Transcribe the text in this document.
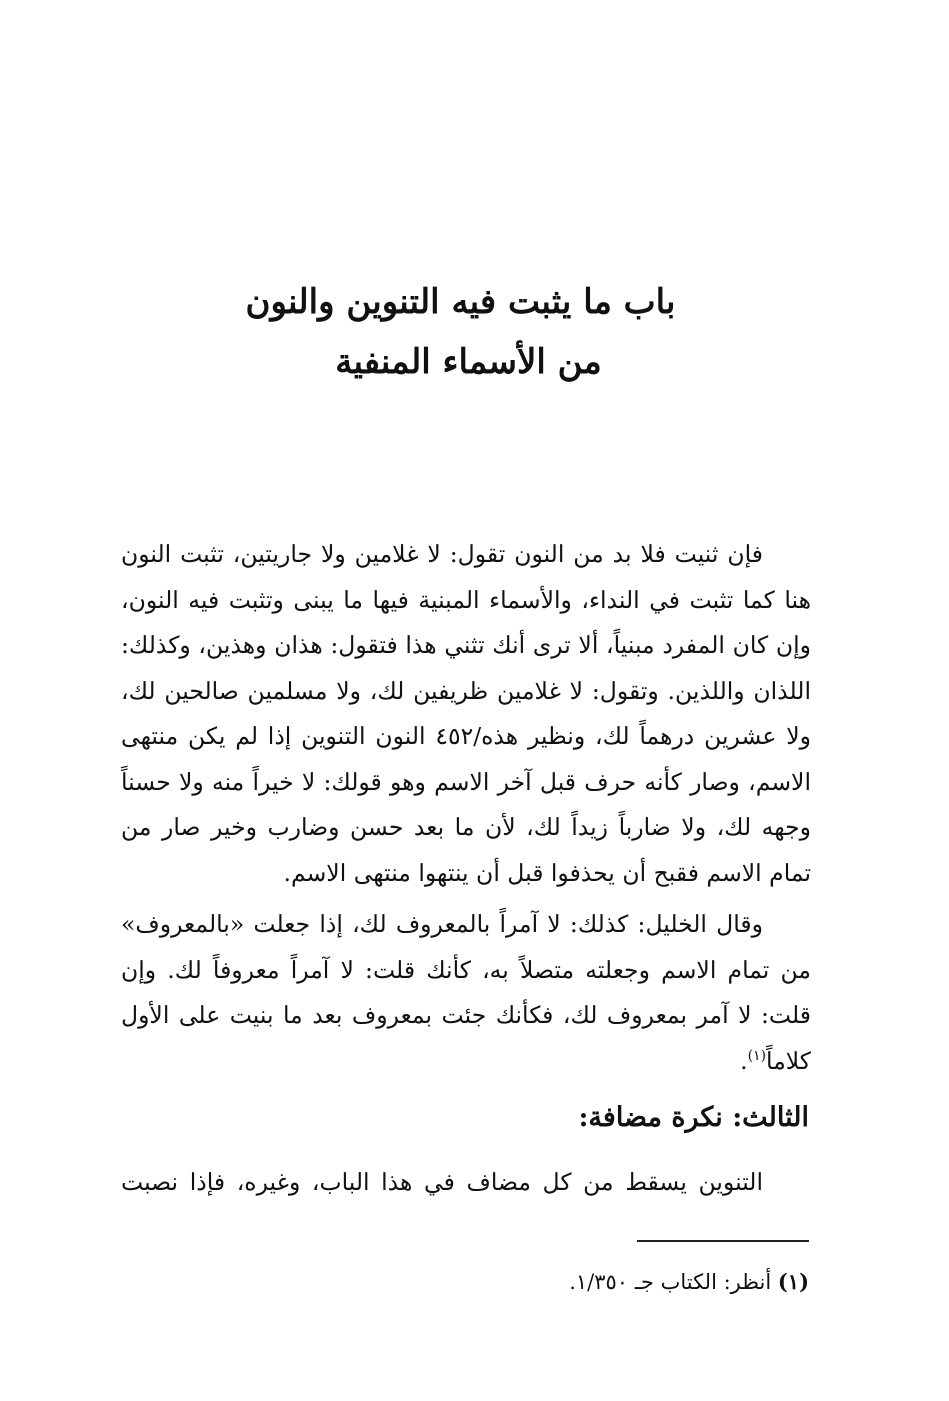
باب ما يثبت فيه التنوين والنون

من الأسماء المنفية

فإن ثنيت فلا بد من النون تقول: لا غلامين ولا جاريتين، تثبت النون هنا كما تثبت في النداء، والأسماء المبنية فيها ما يبنى وتثبت فيه النون، وإن كان المفرد مبنياً، ألا ترى أنك تثني هذا فتقول: هذان وهذين، وكذلك: اللذان واللذين. وتقول: لا غلامين ظريفين لك، ولا مسلمين صالحين لك، ولا عشرين درهماً لك، ونظير هذه/٤٥٢ النون التنوين إذا لم يكن منتهى الاسم، وصار كأنه حرف قبل آخر الاسم وهو قولك: لا خيراً منه ولا حسناً وجهه لك، ولا ضارباً زيداً لك، لأن ما بعد حسن وضارب وخير صار من تمام الاسم فقبح أن يحذفوا قبل أن ينتهوا منتهى الاسم.

وقال الخليل: كذلك: لا آمراً بالمعروف لك، إذا جعلت «بالمعروف» من تمام الاسم وجعلته متصلاً به، كأنك قلت: لا آمراً معروفاً لك. وإن قلت: لا آمر بمعروف لك، فكأنك جئت بمعروف بعد ما بنيت على الأول كلاماً$^{(١)}$.

الثالث: نكرة مضافة:

التنوين يسقط من كل مضاف في هذا الباب، وغيره، فإذا نصبت

(١) أنظر: الكتاب جـ ١/٣٥٠.
